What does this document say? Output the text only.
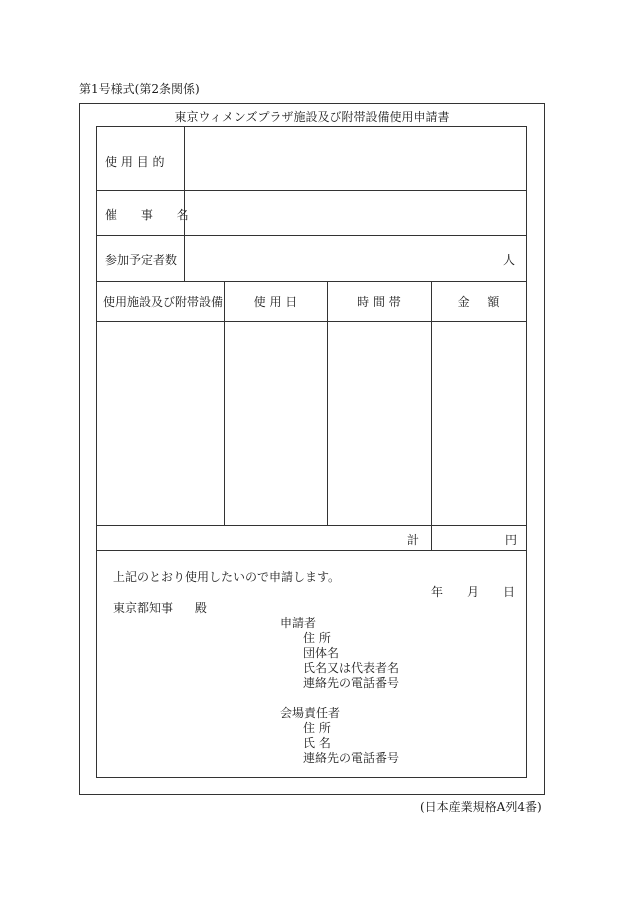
第1号様式(第2条関係)
東京ウィメンズプラザ施設及び附帯設備使用申請書
使 用 目 的
催 事 名
参加予定者数	人
使用施設及び附帯設備	使 用 日	時 間 帯	金 額
計	円
上記のとおり使用したいので申請します。
年 月 日
東京都知事 殿
申請者
住 所
団体名
氏名又は代表者名
連絡先の電話番号
会場責任者
住 所
氏 名
連絡先の電話番号
(日本産業規格A列4番)
